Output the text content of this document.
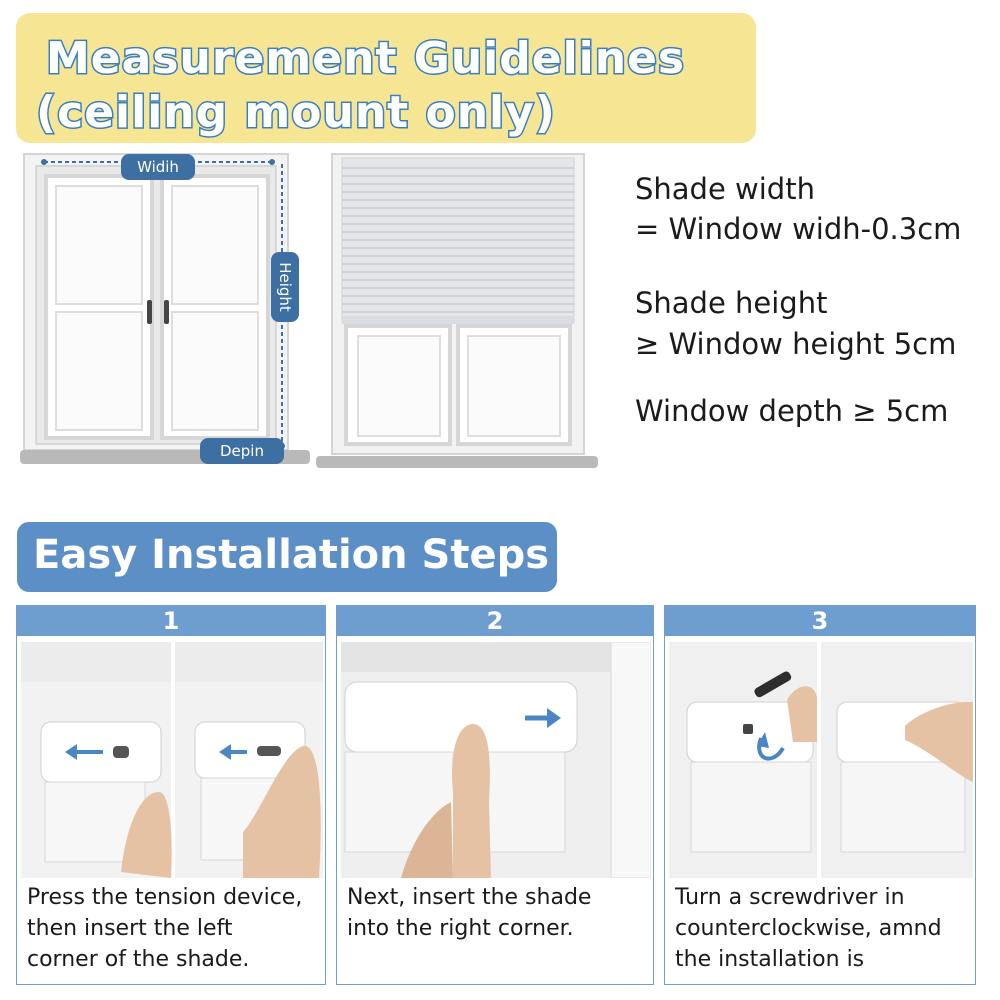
Measurement Guidelines
(ceiling mount only)
Widih
Height
Depin
Shade width
= Window widh-0.3cm
Shade height
≥ Window height 5cm
Window depth ≥ 5cm
Easy Installation Steps
1
Press the tension device,
then insert the left
corner of the shade.
2
Next, insert the shade
into the right corner.
3
Turn a screwdriver in
counterclockwise, amnd
the installation is
